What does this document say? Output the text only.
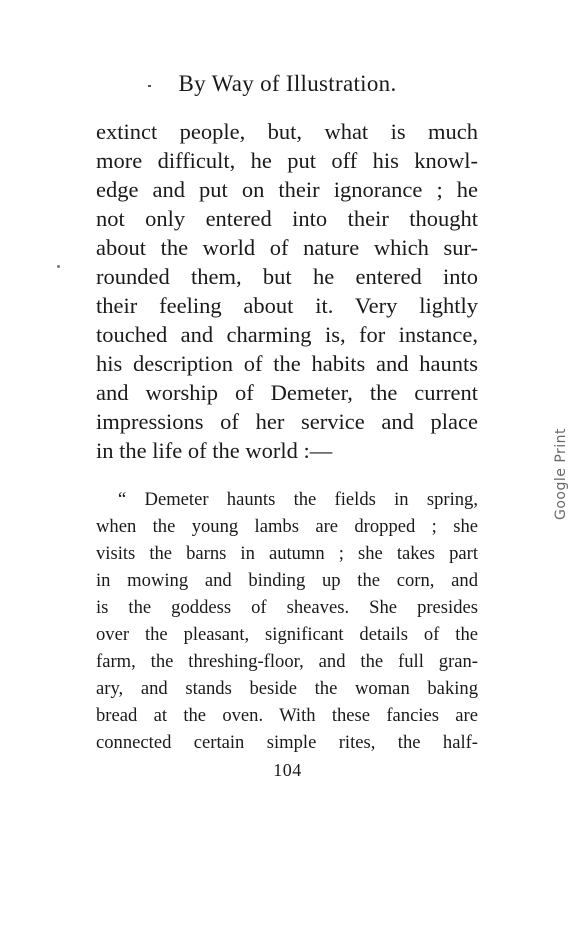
By Way of Illustration.
extinct people, but, what is much
more difficult, he put off his knowl-
edge and put on their ignorance ; he
not only entered into their thought
about the world of nature which sur-
rounded them, but he entered into
their feeling about it. Very lightly
touched and charming is, for instance,
his description of the habits and haunts
and worship of Demeter, the current
impressions of her service and place
in the life of the world :—
“ Demeter haunts the fields in spring,
when the young lambs are dropped ; she
visits the barns in autumn ; she takes part
in mowing and binding up the corn, and
is the goddess of sheaves. She presides
over the pleasant, significant details of the
farm, the threshing-floor, and the full gran-
ary, and stands beside the woman baking
bread at the oven. With these fancies are
connected certain simple rites, the half-
104
Google Print
